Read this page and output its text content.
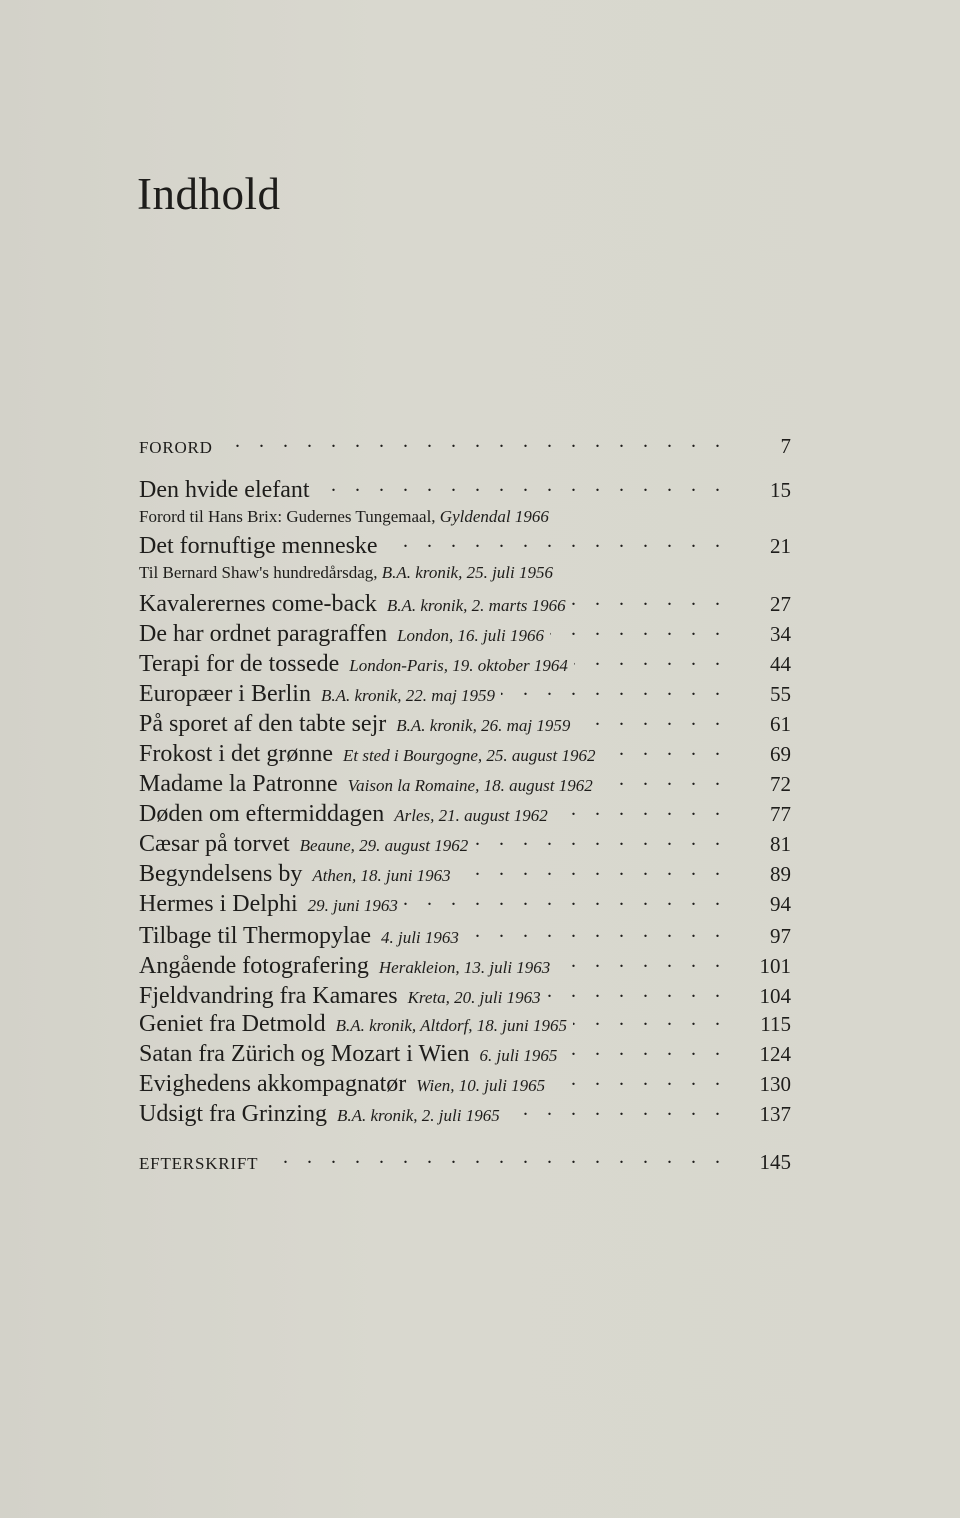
Indhold
FORORD . . .	7
Den hvide elefant . . .	15
Forord til Hans Brix: Gudernes Tungemaal, Gyldendal 1966
Det fornuftige menneske . . .	21
Til Bernard Shaw's hundredårsdag, B.A. kronik, 25. juli 1956
Kavalerernes come-back B.A. kronik, 2. marts 1966 . . .	27
De har ordnet paragraffen London, 16. juli 1966 . . .	34
Terapi for de tossede London-Paris, 19. oktober 1964 . . .	44
Europæer i Berlin B.A. kronik, 22. maj 1959 . . .	55
På sporet af den tabte sejr B.A. kronik, 26. maj 1959 . . .	61
Frokost i det grønne Et sted i Bourgogne, 25. august 1962 . . .	69
Madame la Patronne Vaison la Romaine, 18. august 1962 . . .	72
Døden om eftermiddagen Arles, 21. august 1962 . . .	77
Cæsar på torvet Beaune, 29. august 1962 . . .	81
Begyndelsens by Athen, 18. juni 1963 . . .	89
Hermes i Delphi 29. juni 1963 . . .	94
Tilbage til Thermopylae 4. juli 1963 . . .	97
Angående fotografering Herakleion, 13. juli 1963 . . .	101
Fjeldvandring fra Kamares Kreta, 20. juli 1963 . . .	104
Geniet fra Detmold B.A. kronik, Altdorf, 18. juni 1965 . . .	115
Satan fra Zürich og Mozart i Wien 6. juli 1965 . . .	124
Evighedens akkompagnatør Wien, 10. juli 1965 . . .	130
Udsigt fra Grinzing B.A. kronik, 2. juli 1965 . . .	137
EFTERSKRIFT . . .	145
